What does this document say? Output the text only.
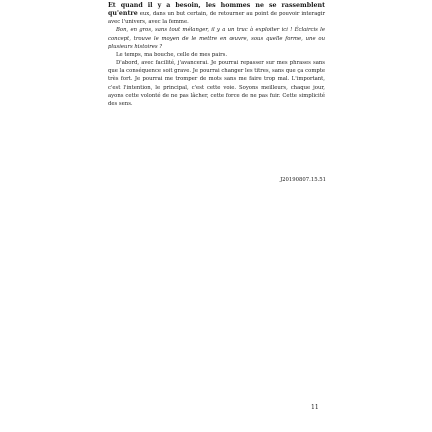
Et quand il y a besoin, les hommes ne se rassemblent qu'entre eux, dans un but certain, de retourner au point de pouvoir interagir avec l'univers, avec la femme.

Bon, en gros, sans tout mélanger, il y a un truc à exploiter ici ! Éclaircis le concept, trouve le moyen de le mettre en œuvre, sous quelle forme, une ou plusieurs histoires ?

Le temps, ma bouche, celle de mes pairs.

D'abord, avec facilité, j'avancerai. Je pourrai repasser sur mes phrases sans que la conséquence soit grave. Je pourrai changer les titres, sans que ça compte très fort. Je pourrai me tromper de mots sans me faire trop mal. L'important, c'est l'intention, le principal, c'est cette voie. Soyons meilleurs, chaque jour, ayons cette volonté de ne pas lâcher, cette force de ne pas fuir. Cette simplicité des sens.

J20190807.15.51
11
